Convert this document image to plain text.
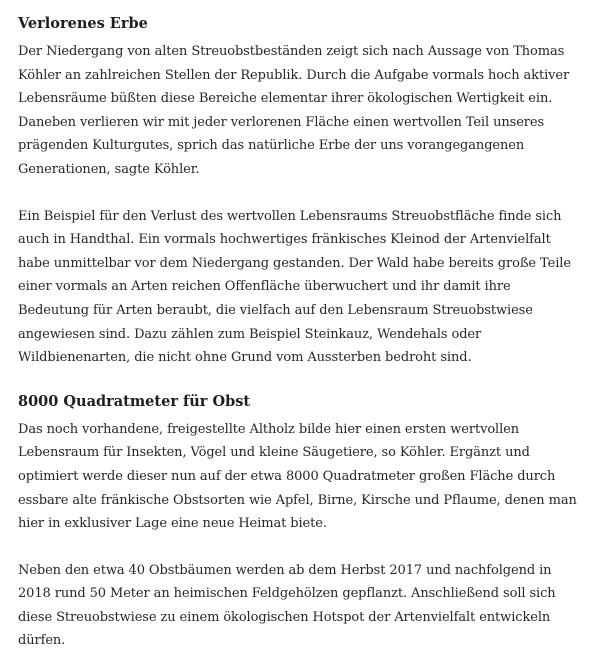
Verlorenes Erbe

Der Niedergang von alten Streuobstbeständen zeigt sich nach Aussage von Thomas Köhler an zahlreichen Stellen der Republik. Durch die Aufgabe vormals hoch aktiver Lebensräume büßten diese Bereiche elementar ihrer ökologischen Wertigkeit ein. Daneben verlieren wir mit jeder verlorenen Fläche einen wertvollen Teil unseres prägenden Kulturgutes, sprich das natürliche Erbe der uns vorangegangenen Generationen, sagte Köhler.

Ein Beispiel für den Verlust des wertvollen Lebensraums Streuobstfläche finde sich auch in Handthal. Ein vormals hochwertiges fränkisches Kleinod der Artenvielfalt habe unmittelbar vor dem Niedergang gestanden. Der Wald habe bereits große Teile einer vormals an Arten reichen Offenfläche überwuchert und ihr damit ihre Bedeutung für Arten beraubt, die vielfach auf den Lebensraum Streuobstwiese angewiesen sind. Dazu zählen zum Beispiel Steinkauz, Wendehals oder Wildbienenarten, die nicht ohne Grund vom Aussterben bedroht sind.

8000 Quadratmeter für Obst

Das noch vorhandene, freigestellte Altholz bilde hier einen ersten wertvollen Lebensraum für Insekten, Vögel und kleine Säugetiere, so Köhler. Ergänzt und optimiert werde dieser nun auf der etwa 8000 Quadratmeter großen Fläche durch essbare alte fränkische Obstsorten wie Apfel, Birne, Kirsche und Pflaume, denen man hier in exklusiver Lage eine neue Heimat biete.

Neben den etwa 40 Obstbäumen werden ab dem Herbst 2017 und nachfolgend in 2018 rund 50 Meter an heimischen Feldgehölzen gepflanzt. Anschließend soll sich diese Streuobstwiese zu einem ökologischen Hotspot der Artenvielfalt entwickeln dürfen.
